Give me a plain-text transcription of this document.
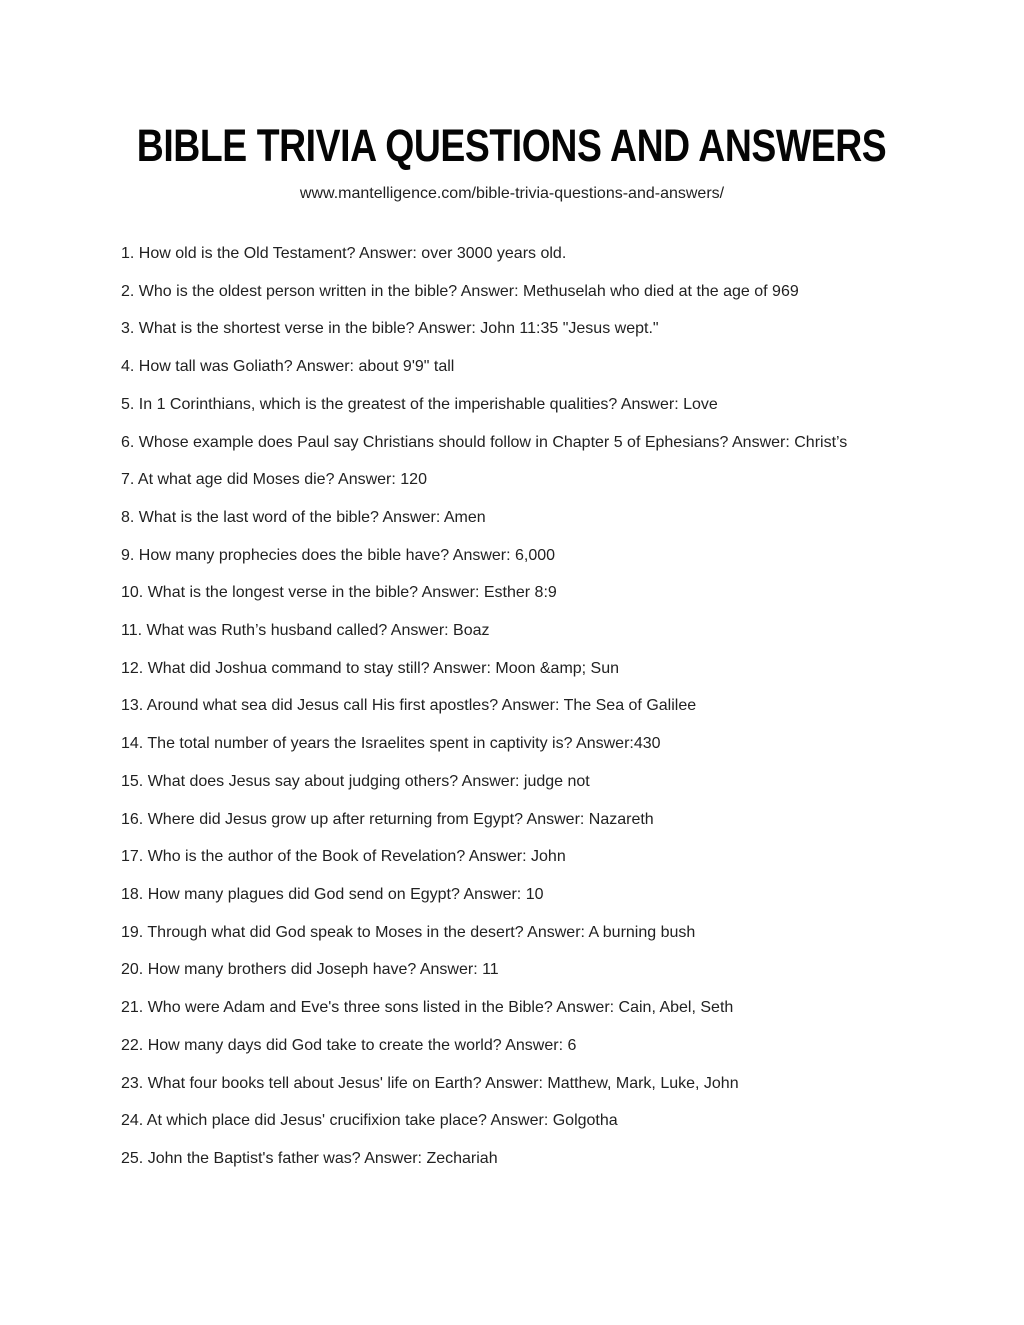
BIBLE TRIVIA QUESTIONS AND ANSWERS
www.mantelligence.com/bible-trivia-questions-and-answers/

1. How old is the Old Testament? Answer: over 3000 years old.

2. Who is the oldest person written in the bible? Answer: Methuselah who died at the age of 969

3. What is the shortest verse in the bible? Answer: John 11:35 "Jesus wept."

4. How tall was Goliath? Answer: about 9'9" tall

5. In 1 Corinthians, which is the greatest of the imperishable qualities? Answer: Love

6. Whose example does Paul say Christians should follow in Chapter 5 of Ephesians? Answer: Christ’s

7. At what age did Moses die? Answer: 120

8. What is the last word of the bible? Answer: Amen

9. How many prophecies does the bible have? Answer: 6,000

10. What is the longest verse in the bible? Answer: Esther 8:9

11. What was Ruth’s husband called? Answer: Boaz

12. What did Joshua command to stay still? Answer: Moon &amp; Sun

13. Around what sea did Jesus call His first apostles? Answer: The Sea of Galilee

14. The total number of years the Israelites spent in captivity is? Answer:430

15. What does Jesus say about judging others? Answer: judge not

16. Where did Jesus grow up after returning from Egypt? Answer: Nazareth

17. Who is the author of the Book of Revelation? Answer: John

18. How many plagues did God send on Egypt? Answer: 10

19. Through what did God speak to Moses in the desert? Answer: A burning bush

20. How many brothers did Joseph have? Answer: 11

21. Who were Adam and Eve's three sons listed in the Bible? Answer: Cain, Abel, Seth

22. How many days did God take to create the world? Answer: 6

23. What four books tell about Jesus' life on Earth? Answer: Matthew, Mark, Luke, John

24. At which place did Jesus' crucifixion take place? Answer: Golgotha

25. John the Baptist's father was? Answer: Zechariah
